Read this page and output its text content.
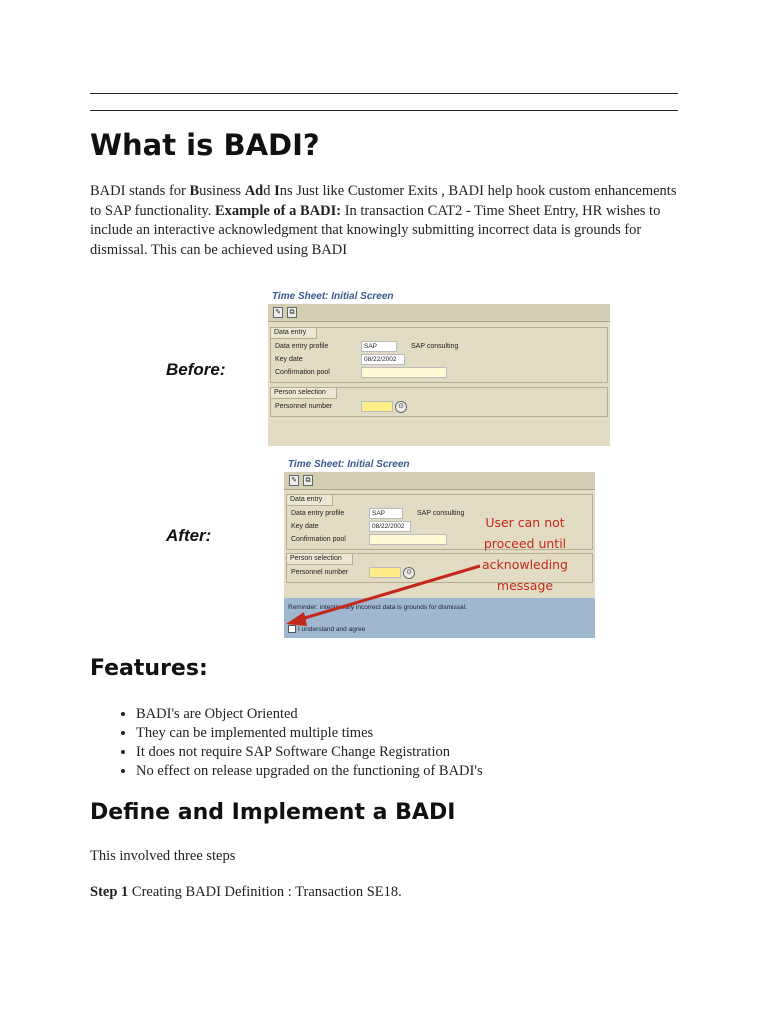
What is BADI?

BADI stands for Business Add Ins Just like Customer Exits , BADI help hook custom enhancements to SAP functionality. Example of a BADI: In transaction CAT2 - Time Sheet Entry, HR wishes to include an interactive acknowledgment that knowingly submitting incorrect data is grounds for dismissal. This can be achieved using BADI

Before:
Time Sheet: Initial Screen
✎	⧉
Data entry
Data entry profile	SAP	SAP consulting
Key date	08/22/2002
Confirmation pool
Person selection
Personnel number	⊙
After:
Time Sheet: Initial Screen
✎	⧉
Data entry
Data entry profile	SAP	SAP consulting
Key date	08/22/2002
Confirmation pool
Person selection
Personnel number	⊙
Reminder: intentionally incorrect data is grounds for dismissal.
I understand and agree
User can not
proceed until
acknowleding
message
Features:
• BADI's are Object Oriented
• They can be implemented multiple times
• It does not require SAP Software Change Registration
• No effect on release upgraded on the functioning of BADI's
Define and Implement a BADI

This involved three steps

Step 1 Creating BADI Definition : Transaction SE18.
